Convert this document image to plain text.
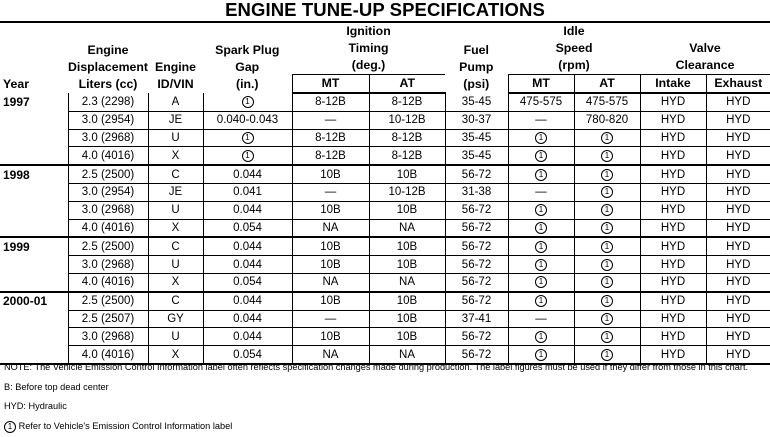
ENGINE TUNE-UP SPECIFICATIONS
Year	Engine
Displacement
Liters (cc)	Engine
ID/VIN	Spark Plug
Gap
(in.)	Ignition
Timing
(deg.)		Fuel
Pump
(psi)	Idle
Speed
(rpm)		Valve
Clearance	

				MT	AT		MT	AT	Intake	Exhaust
1997	2.3 (2298)	A	1	8-12B	8-12B	35-45	475-575	475-575	HYD	HYD
	3.0 (2954)	JE	0.040-0.043	—	10-12B	30-37	—	780-820	HYD	HYD
	3.0 (2968)	U	1	8-12B	8-12B	35-45	1	1	HYD	HYD
	4.0 (4016)	X	1	8-12B	8-12B	35-45	1	1	HYD	HYD
1998	2.5 (2500)	C	0.044	10B	10B	56-72	1	1	HYD	HYD
	3.0 (2954)	JE	0.041	—	10-12B	31-38	—	1	HYD	HYD
	3.0 (2968)	U	0.044	10B	10B	56-72	1	1	HYD	HYD
	4.0 (4016)	X	0.054	NA	NA	56-72	1	1	HYD	HYD
1999	2.5 (2500)	C	0.044	10B	10B	56-72	1	1	HYD	HYD
	3.0 (2968)	U	0.044	10B	10B	56-72	1	1	HYD	HYD
	4.0 (4016)	X	0.054	NA	NA	56-72	1	1	HYD	HYD
2000-01	2.5 (2500)	C	0.044	10B	10B	56-72	1	1	HYD	HYD
	2.5 (2507)	GY	0.044	—	10B	37-41	—	1	HYD	HYD
	3.0 (2968)	U	0.044	10B	10B	56-72	1	1	HYD	HYD
	4.0 (4016)	X	0.054	NA	NA	56-72	1	1	HYD	HYD
NOTE: The Vehicle Emission Control Information label often reflects specification changes made during production. The label figures must be used if they differ from those in this chart.
B: Before top dead center
HYD: Hydraulic
1 Refer to Vehicle's Emission Control Information label
